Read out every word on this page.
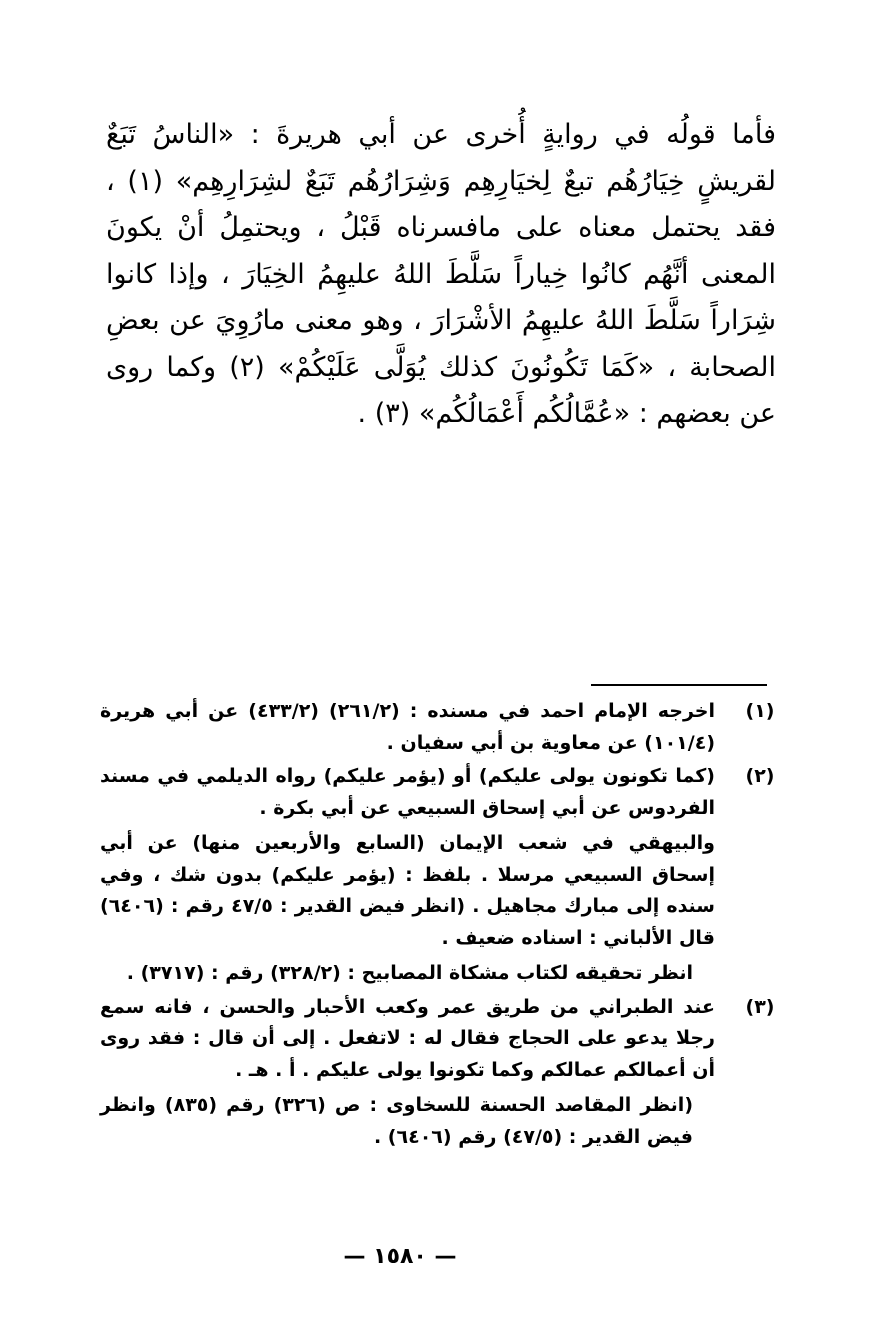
فأما قولُه في روايةٍ أُخرى عن أبي هريرةَ : «الناسُ تَبَعٌ لقريشٍ خِيَارُهُم تبعٌ لِخيَارِهِم وَشِرَارُهُم تَبَعٌ لشِرَارِهِم» (١) ، فقد يحتمل معناه على مافسرناه قَبْلُ ، ويحتمِلُ أنْ يكونَ المعنى أنَّهُم كانُوا خِياراً سَلَّطَ اللهُ عليهِمُ الخِيَارَ ، وإذا كانوا شِرَاراً سَلَّطَ اللهُ عليهِمُ الأشْرَارَ ، وهو معنى مارُوِيَ عن بعضِ الصحابة ، «كَمَا تَكُونُونَ كذلك يُوَلَّى عَلَيْكُمْ» (٢) وكما روى عن بعضهم : «عُمَّالُكُم أَعْمَالُكُم» (٣) .

(١)

اخرجه الإمام احمد في مسنده : (٢٦١/٢) (٤٣٣/٢) عن أبي هريرة (١٠١/٤) عن معاوية بن أبي سفيان .

(٢)

(كما تكونون يولى عليكم) أو (يؤمر عليكم) رواه الديلمي في مسند الفردوس عن أبي إسحاق السبيعي عن أبي بكرة .

والبيهقي في شعب الإيمان (السابع والأربعين منها) عن أبي إسحاق السبيعي مرسلا . بلفظ : (يؤمر عليكم) بدون شك ، وفي سنده إلى مبارك مجاهيل . (انظر فيض القدير : ٤٧/٥ رقم : (٦٤٠٦) قال الألباني : اسناده ضعيف .

انظر تحقيقه لكتاب مشكاة المصابيح : (٣٢٨/٢) رقم : (٣٧١٧) .

(٣)

عند الطبراني من طريق عمر وكعب الأحبار والحسن ، فانه سمع رجلا يدعو على الحجاج فقال له : لاتفعل . إلى أن قال : فقد روى أن أعمالكم عمالكم وكما تكونوا يولى عليكم . أ . هـ .

(انظر المقاصد الحسنة للسخاوى : ص (٣٢٦) رقم (٨٣٥) وانظر فيض القدير : (٤٧/٥) رقم (٦٤٠٦) .

— ١٥٨٠ —
